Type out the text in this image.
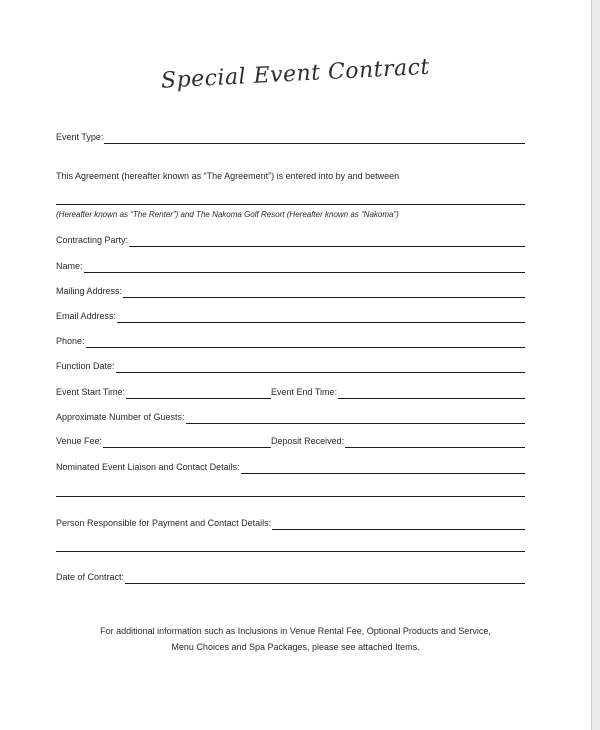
Special Event Contract
Event Type:
This Agreement (hereafter known as “The Agreement”) is entered into by and between
(Hereafter known as “The Renter”) and The Nakoma Golf Resort (Hereafter known as “Nakoma”)
Contracting Party:
Name:
Mailing Address:
Email Address:
Phone:
Function Date:
Event Start Time:	Event End Time:
Approximate Number of Guests:
Venue Fee:	Deposit Received:
Nominated Event Liaison and Contact Details:
Person Responsible for Payment and Contact Details:
Date of Contract:
For additional information such as Inclusions in Venue Rental Fee, Optional Products and Service,
Menu Choices and Spa Packages, please see attached Items.
